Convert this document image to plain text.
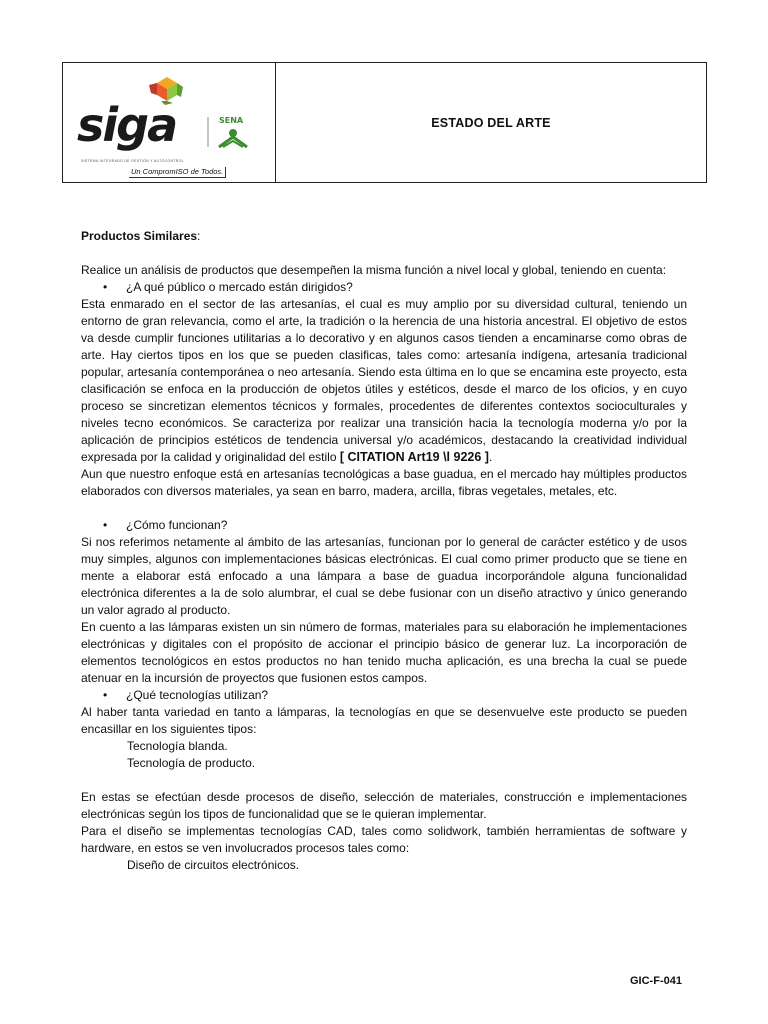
siga	SENA
SISTEMA INTEGRADO DE GESTIÓN Y AUTOCONTROL
Un CompromISO de Todos.
ESTADO DEL ARTE

Productos Similares:

Realice un análisis de productos que desempeñen la misma función a nivel local y global, teniendo en cuenta:

• ¿A qué público o mercado están dirigidos?

Esta enmarado en el sector de las artesanías, el cual es muy amplio por su diversidad cultural, teniendo un entorno de gran relevancia, como el arte, la tradición o la herencia de una historia ancestral. El objetivo de estos va desde cumplir funciones utilitarias a lo decorativo y en algunos casos tienden a encaminarse como obras de arte. Hay ciertos tipos en los que se pueden clasificas, tales como: artesanía indígena, artesanía tradicional popular, artesanía contemporánea o neo artesanía. Siendo esta última en lo que se encamina este proyecto, esta clasificación se enfoca en la producción de objetos útiles y estéticos, desde el marco de los oficios, y en cuyo proceso se sincretizan elementos técnicos y formales, procedentes de diferentes contextos socioculturales y niveles tecno económicos. Se caracteriza por realizar una transición hacia la tecnología moderna y/o por la aplicación de principios estéticos de tendencia universal y/o académicos, destacando la creatividad individual expresada por la calidad y originalidad del estilo [ CITATION Art19 \l 9226 ].

Aun que nuestro enfoque está en artesanías tecnológicas a base guadua, en el mercado hay múltiples productos elaborados con diversos materiales, ya sean en barro, madera, arcilla, fibras vegetales, metales, etc.

• ¿Cómo funcionan?

Si nos referimos netamente al ámbito de las artesanías, funcionan por lo general de carácter estético y de usos muy simples, algunos con implementaciones básicas electrónicas. El cual como primer producto que se tiene en mente a elaborar está enfocado a una lámpara a base de guadua incorporándole alguna funcionalidad electrónica diferentes a la de solo alumbrar, el cual se debe fusionar con un diseño atractivo y único generando un valor agrado al producto.

En cuento a las lámparas existen un sin número de formas, materiales para su elaboración he implementaciones electrónicas y digitales con el propósito de accionar el principio básico de generar luz. La incorporación de elementos tecnológicos en estos productos no han tenido mucha aplicación, es una brecha la cual se puede atenuar en la incursión de proyectos que fusionen estos campos.

• ¿Qué tecnologías utilizan?

Al haber tanta variedad en tanto a lámparas, la tecnologías en que se desenvuelve este producto se pueden encasillar en los siguientes tipos:

Tecnología blanda.

Tecnología de producto.

En estas se efectúan desde procesos de diseño, selección de materiales, construcción e implementaciones electrónicas según los tipos de funcionalidad que se le quieran implementar.

Para el diseño se implementas tecnologías CAD, tales como solidwork, también herramientas de software y hardware, en estos se ven involucrados procesos tales como:

Diseño de circuitos electrónicos.

GIC-F-041
